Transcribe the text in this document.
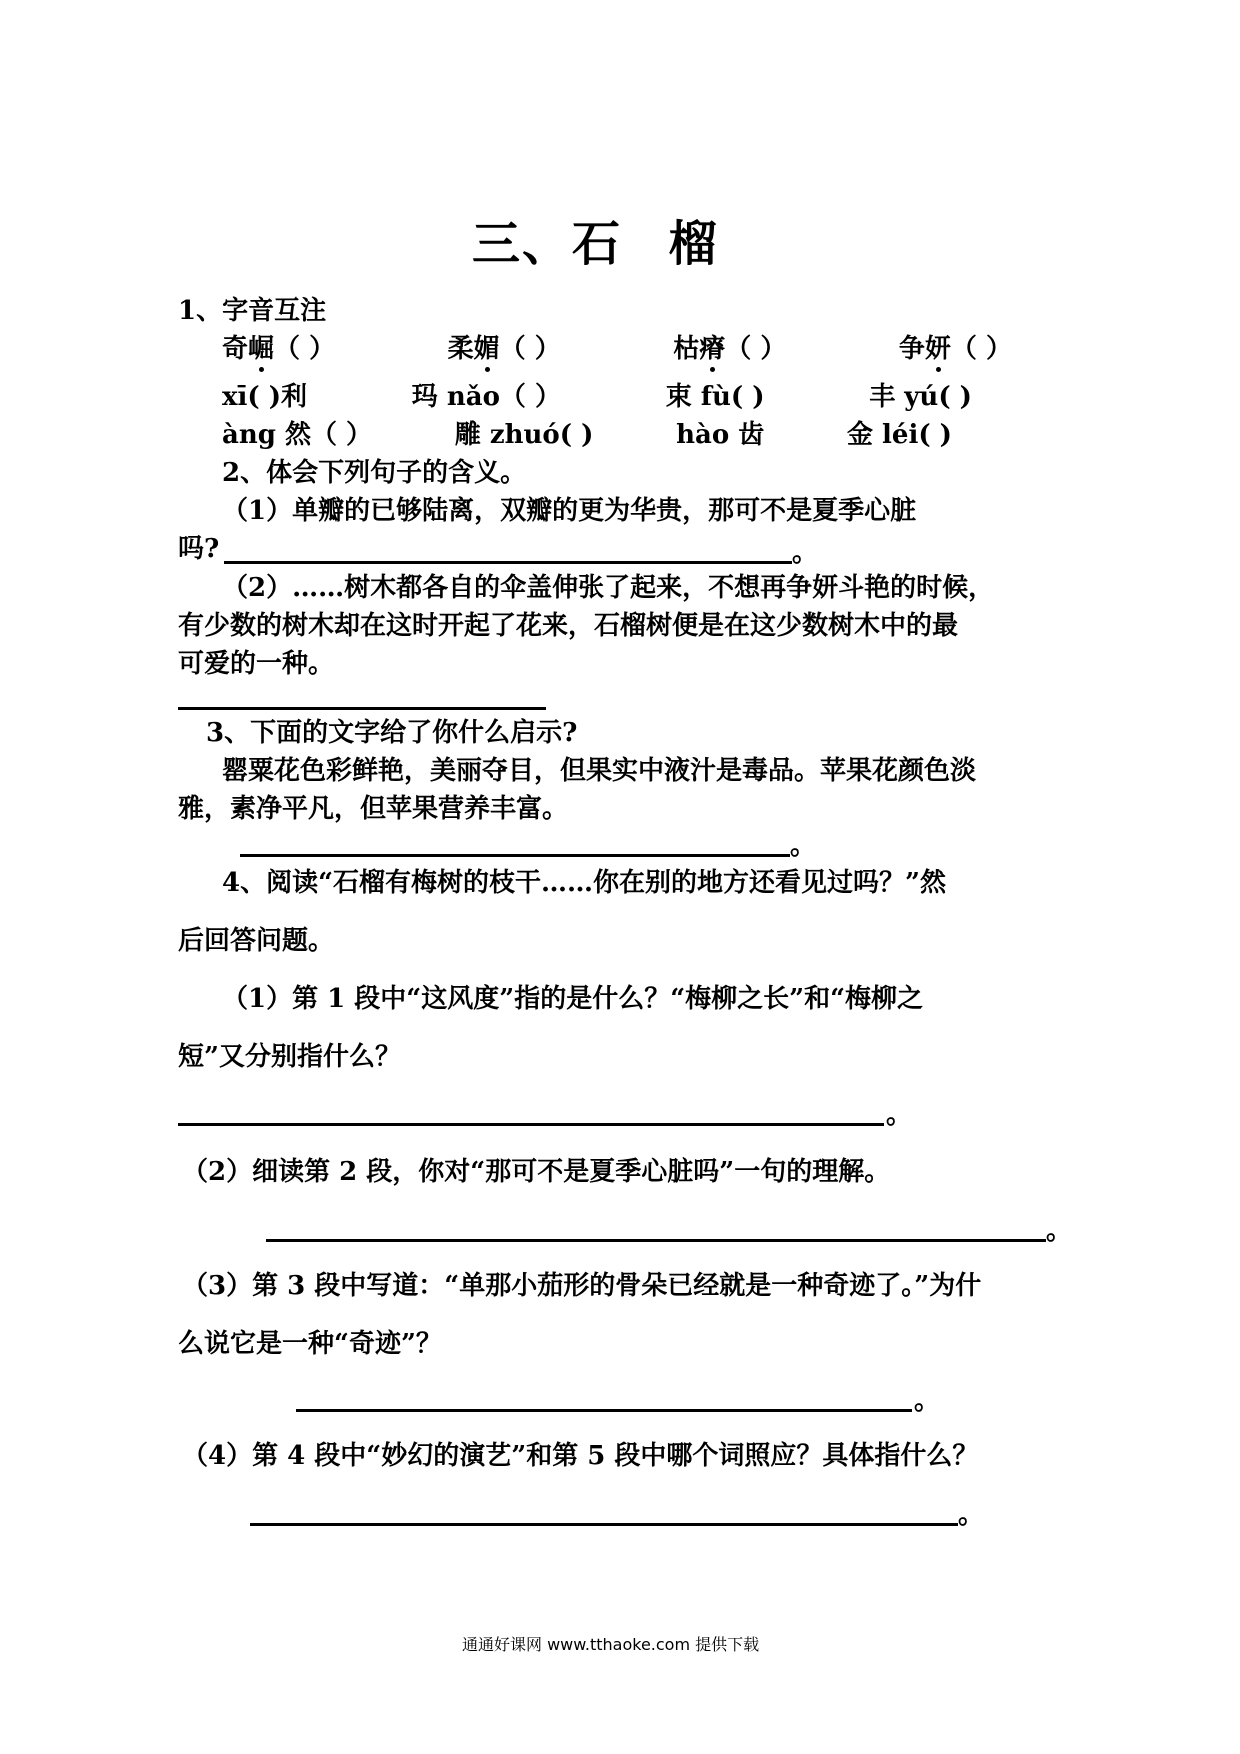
三、石 榴
1、字音互注
奇崛（ ）	柔媚（ ）	枯瘠（ ）	争妍（ ）
xī( )利	玛 nǎo（ ）	束 fù( )	丰 yú( )
àng 然（ ）	雕 zhuó( )	hào 齿	金 léi( )
2、体会下列句子的含义。
（1）单瓣的已够陆离，双瓣的更为华贵，那可不是夏季心脏
吗?	。
（2）……树木都各自的伞盖伸张了起来，不想再争妍斗艳的时候，
有少数的树木却在这时开起了花来，石榴树便是在这少数树木中的最
可爱的一种。
3、下面的文字给了你什么启示?
罂粟花色彩鲜艳，美丽夺目，但果实中液汁是毒品。苹果花颜色淡
雅，素净平凡，但苹果营养丰富。
。
4、阅读“石榴有梅树的枝干……你在别的地方还看见过吗？”然
后回答问题。
（1）第 1 段中“这风度”指的是什么？“梅柳之长”和“梅柳之
短”又分别指什么？
。
（2）细读第 2 段，你对“那可不是夏季心脏吗”一句的理解。
。
（3）第 3 段中写道：“单那小茄形的骨朵已经就是一种奇迹了。”为什
么说它是一种“奇迹”？
。
（4）第 4 段中“妙幻的演艺”和第 5 段中哪个词照应？具体指什么？
。
通通好课网 www.tthaoke.com 提供下载
